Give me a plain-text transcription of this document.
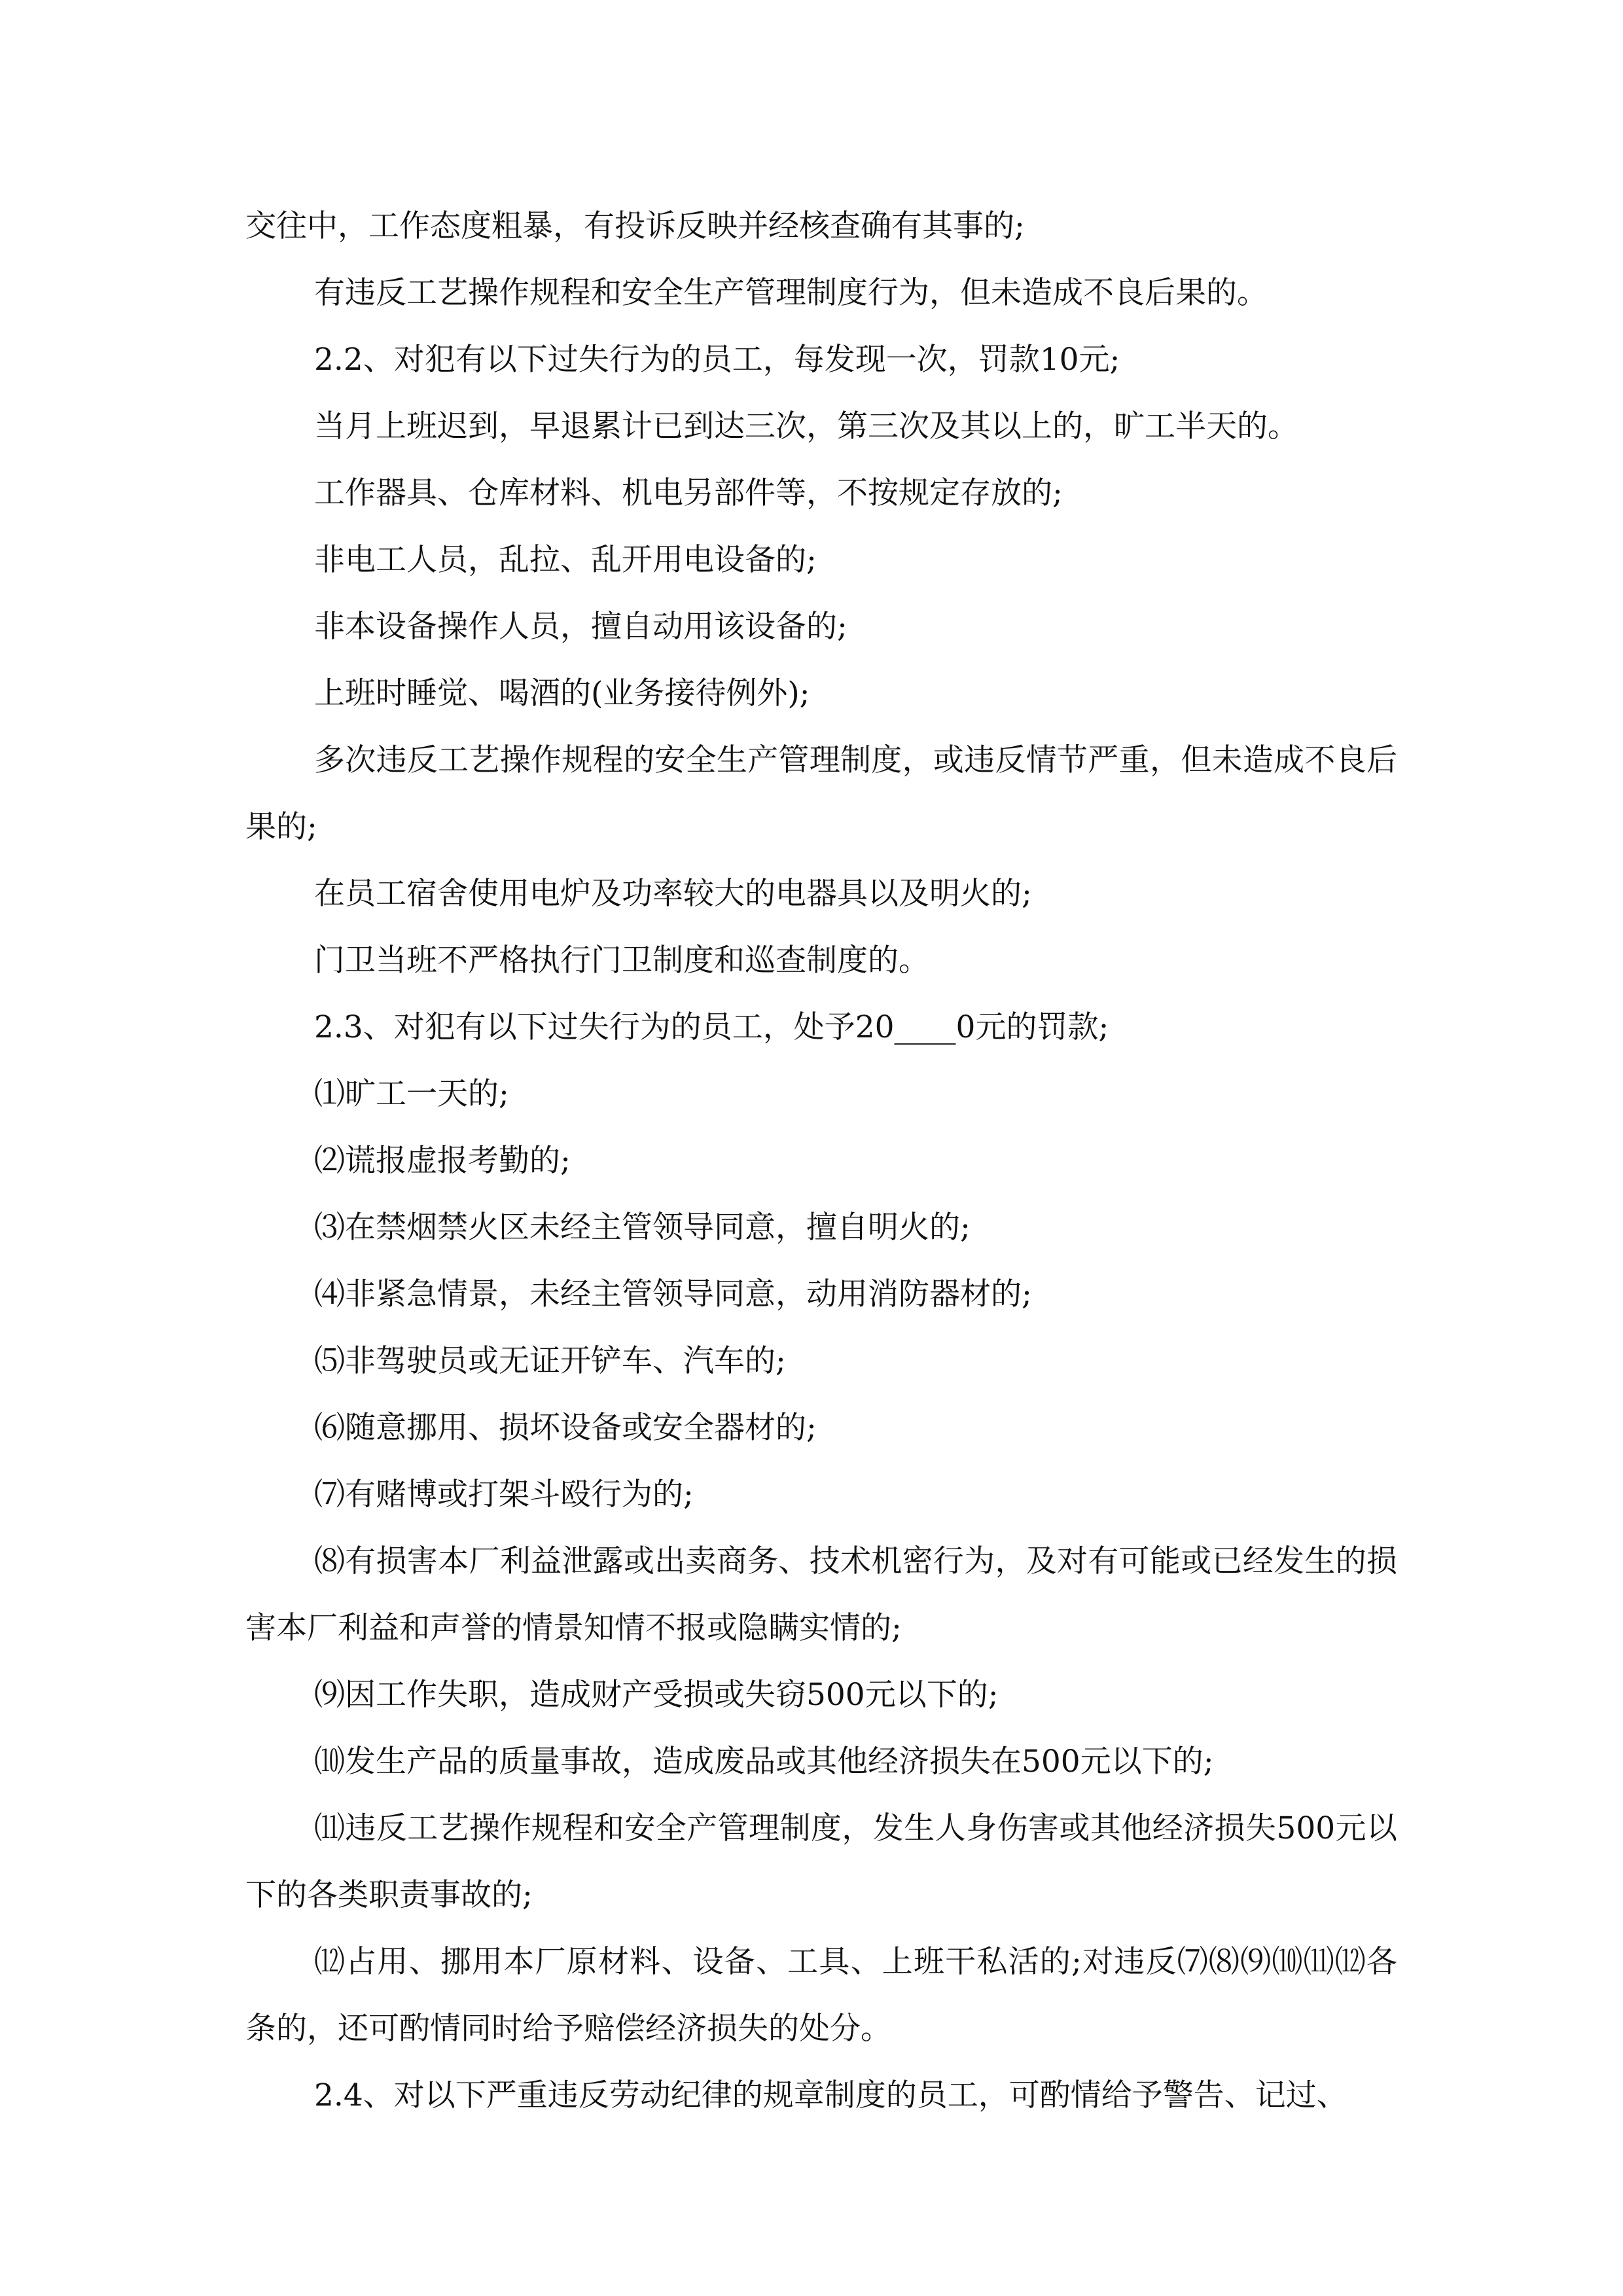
交往中，工作态度粗暴，有投诉反映并经核查确有其事的;

有违反工艺操作规程和安全生产管理制度行为，但未造成不良后果的。

2.2、对犯有以下过失行为的员工，每发现一次，罚款10元;

当月上班迟到，早退累计已到达三次，第三次及其以上的，旷工半天的。

工作器具、仓库材料、机电另部件等，不按规定存放的;

非电工人员，乱拉、乱开用电设备的;

非本设备操作人员，擅自动用该设备的;

上班时睡觉、喝酒的(业务接待例外);

多次违反工艺操作规程的安全生产管理制度，或违反情节严重，但未造成不良后果的;

在员工宿舍使用电炉及功率较大的电器具以及明火的;

门卫当班不严格执行门卫制度和巡查制度的。

2.3、对犯有以下过失行为的员工，处予20____0元的罚款;

⑴旷工一天的;

⑵谎报虚报考勤的;

⑶在禁烟禁火区未经主管领导同意，擅自明火的;

⑷非紧急情景，未经主管领导同意，动用消防器材的;

⑸非驾驶员或无证开铲车、汽车的;

⑹随意挪用、损坏设备或安全器材的;

⑺有赌博或打架斗殴行为的;

⑻有损害本厂利益泄露或出卖商务、技术机密行为，及对有可能或已经发生的损害本厂利益和声誉的情景知情不报或隐瞒实情的;

⑼因工作失职，造成财产受损或失窃500元以下的;

⑽发生产品的质量事故，造成废品或其他经济损失在500元以下的;

⑾违反工艺操作规程和安全产管理制度，发生人身伤害或其他经济损失500元以下的各类职责事故的;

⑿占用、挪用本厂原材料、设备、工具、上班干私活的;对违反⑺⑻⑼⑽⑾⑿各条的，还可酌情同时给予赔偿经济损失的处分。

2.4、对以下严重违反劳动纪律的规章制度的员工，可酌情给予警告、记过、
